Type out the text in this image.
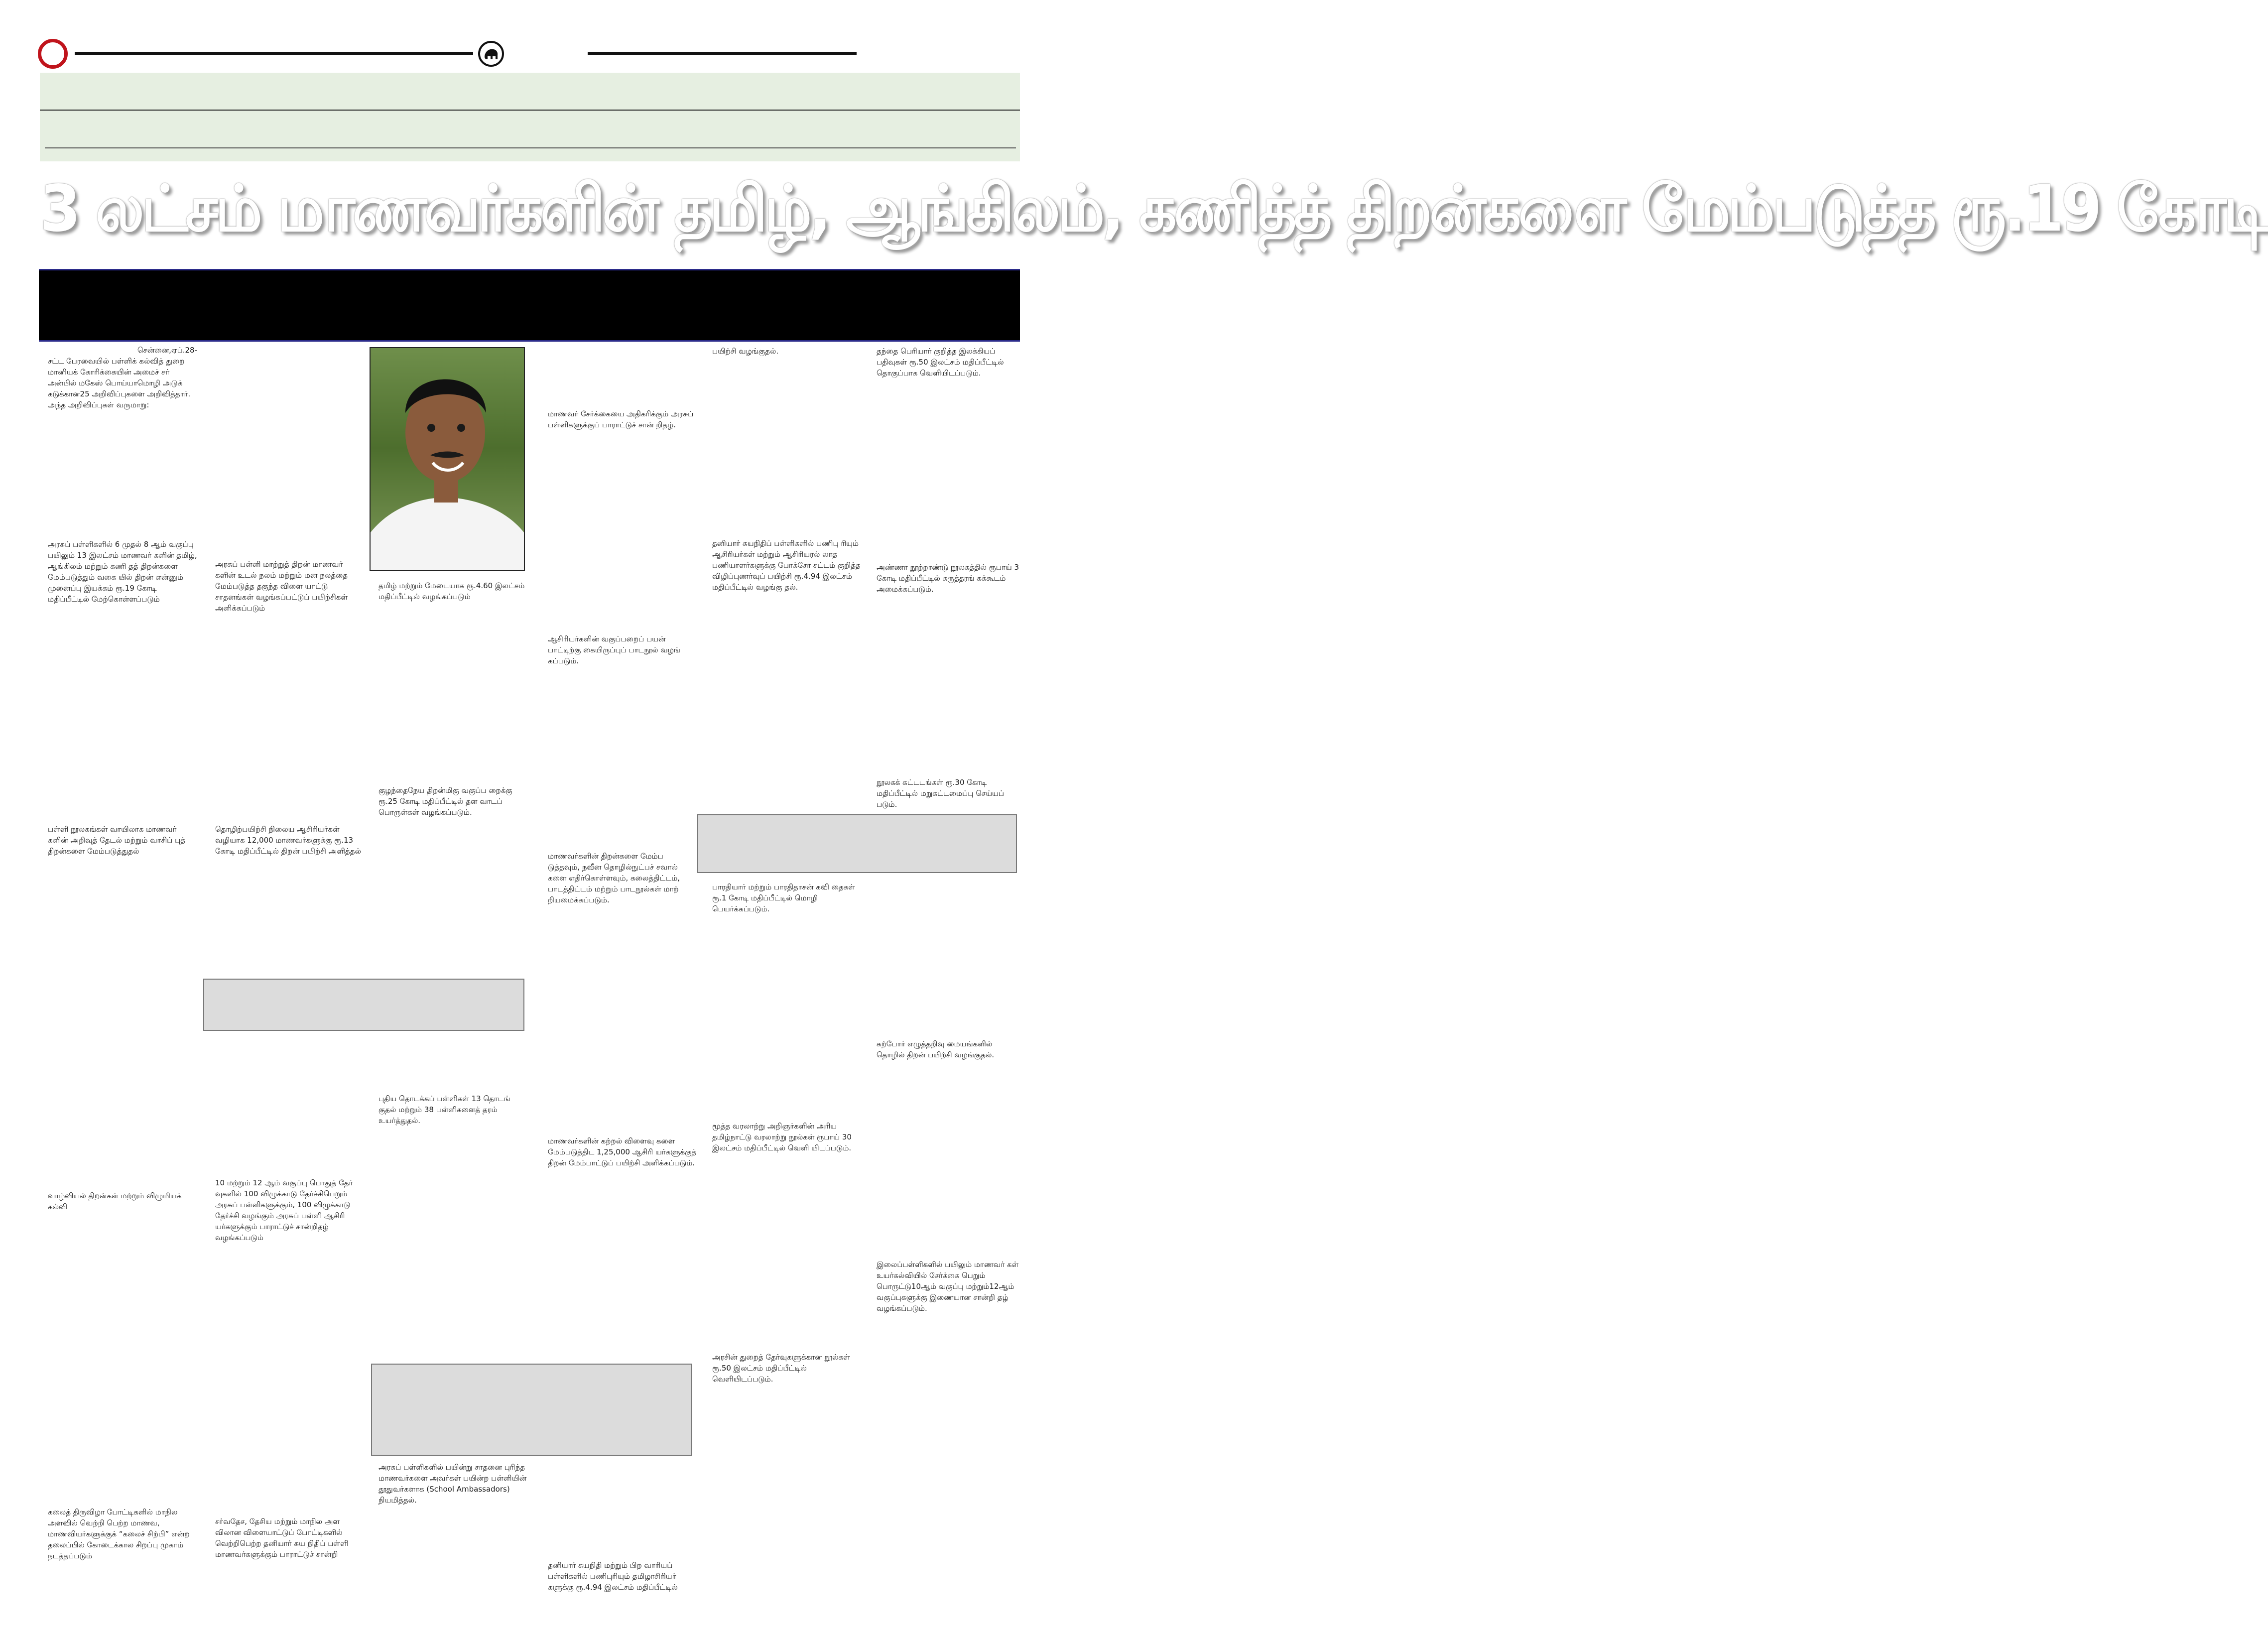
3 லட்சம் மாணவர்களின் தமிழ், ஆங்கிலம், கணித்த் திறன்களை மேம்படுத்த ரூ.19 கோடி
சென்னை,ஏப்.28-
சட்ட பேரவையில் பள்ளிக் கல்வித் துறை மானியக் கோரிக்கையின் அமைச் சர் அன்பில் மகேஸ் பொய்யாமொழி அடுக் கடுக்கான25 அறிவிப்புகளை அறிவித்தார். அந்த அறிவிப்புகள் வருமாறு:
அரசுப் பள்ளிகளில் 6 முதல் 8 ஆம் வகுப்பு பயிலும் 13 இலட்சம் மாணவர் களின் தமிழ், ஆங்கிலம் மற்றும் கணி தத் திறன்களை மேம்படுத்தும் வகை யில் திறன் என்னும் முனைப்பு இயக்கம் ரூ.19 கோடி மதிப்பீட்டில் மேற்கொள்ளப்படும்
பள்ளி நூலகங்கள் வாயிலாக மாணவர் களின் அறிவுத் தேடல் மற்றும் வாசிப் புத் திறன்களை மேம்படுத்துதல்
வாழ்வியல் திறன்கள் மற்றும் விழுமியக் கல்வி
கலைத் திருவிழா போட்டிகளில் மாநில அளவில் வெற்றி பெற்ற மாணவ, மாணவியர்களுக்குக் “கலைச் சிற்பி” என்ற தலைப்பில் கோடைக்கால சிறப்பு முகாம் நடத்தப்படும்
அரசுப் பள்ளி மாற்றுத் திறன் மாணவர் களின் உடல் நலம் மற்றும் மன நலத்தை மேம்படுத்த தகுந்த விளை யாட்டு சாதனங்கள் வழங்கப்பட்டுப் பயிற்சிகள் அளிக்கப்படும்
தொழிற்பயிற்சி நிலைய ஆசிரியர்கள் வழியாக 12,000 மாணவர்களுக்கு ரூ.13 கோடி மதிப்பீட்டில் திறன் பயிற்சி அளித்தல்
10 மற்றும் 12 ஆம் வகுப்பு பொதுத் தேர் வுகளில் 100 விழுக்காடு தேர்ச்சிபெறும் அரசுப் பள்ளிகளுக்கும், 100 விழுக்காடு தேர்ச்சி வழங்கும் அரசுப் பள்ளி ஆசிரி யர்களுக்கும் பாராட்டுச் சான்றிதழ் வழங்கப்படும்
சர்வதேச, தேசிய மற்றும் மாநில அள விலான விளையாட்டுப் போட்டிகளில் வெற்றிபெற்ற தனியார் சுய நிதிப் பள்ளி மாணவர்களுக்கும் பாராட்டுச் சான்றி
தமிழ் மற்றும் மேடையாக ரூ.4.60 இலட்சம் மதிப்பீட்டில் வழங்கப்படும்
குழந்தைநேய திறன்மிகு வகுப்ப றைக்கு ரூ.25 கோடி மதிப்பீட்டில் தள வாடப் பொருள்கள் வழங்கப்படும்.
புதிய தொடக்கப் பள்ளிகள் 13 தொடங் குதல் மற்றும் 38 பள்ளிகளைத் தரம் உயர்த்துதல்.
அரசுப் பள்ளிகளில் பயின்று சாதனை புரிந்த மாணவர்களை அவர்கள் பயின்ற பள்ளியின் தூதுவர்களாக (School Ambassadors) நியமித்தல்.
மாணவர் சேர்க்கையை அதிகரிக்கும் அரசுப் பள்ளிகளுக்குப் பாராட்டுச் சான் றிதழ்.
ஆசிரியர்களின் வகுப்பறைப் பயன் பாட்டிற்கு கையிருப்புப் பாடநூல் வழங் கப்படும்.
மாணவர்களின் திறன்களை மேம்ப டுத்தவும், நவீன தொழில்நுட்பச் சவால் களை எதிர்கொள்ளவும், கலைத்திட்டம், பாடத்திட்டம் மற்றும் பாடநூல்கள் மாற் றியமைக்கப்படும்.
மாணவர்களின் கற்றல் விளைவு களை மேம்படுத்திட 1,25,000 ஆசிரி யர்களுக்குத் திறன் மேம்பாட்டுப் பயிற்சி அளிக்கப்படும்.
தனியார் சுயநிதி மற்றும் பிற வாரியப் பள்ளிகளில் பணிபுரியும் தமிழாசிரியர் களுக்கு ரூ.4.94 இலட்சம் மதிப்பீட்டில்
பயிற்சி வழங்குதல்.
தனியார் சுயநிதிப் பள்ளிகளில் பணிபு ரியும் ஆசிரியர்கள் மற்றும் ஆசிரியரல் லாத பணியாளர்களுக்கு போக்சோ சட்டம் குறித்த விழிப்புணர்வுப் பயிற்சி ரூ.4.94 இலட்சம் மதிப்பீட்டில் வழங்கு தல்.
பாரதியார் மற்றும் பாரதிதாசன் கவி தைகள் ரூ.1 கோடி மதிப்பீட்டில் மொழி பெயர்க்கப்படும்.
மூத்த வரலாற்று அறிஞர்களின் அரிய தமிழ்நாட்டு வரலாற்று நூல்கள் ரூபாய் 30 இலட்சம் மதிப்பீட்டில் வெளி யிடப்படும்.
அரசின் துறைத் தேர்வுகளுக்கான நூல்கள் ரூ.50 இலட்சம் மதிப்பீட்டில் வெளியிடப்படும்.
தந்தை பெரியார் குறித்த இலக்கியப் பதிவுகள் ரூ.50 இலட்சம் மதிப்பீட்டில் தொகுப்பாக வெளியிடப்படும்.
அண்ணா நூற்றாண்டு நூலகத்தில் ரூபாய் 3 கோடி மதிப்பீட்டில் கருத்தரங் கக்கூடம் அமைக்கப்படும்.
நூலகக் கட்டடங்கள் ரூ.30 கோடி மதிப்பீட்டில் மறுகட்டமைப்பு செய்யப் படும்.
கற்போர் எழுத்தறிவு மையங்களில் தொழில் திறன் பயிற்சி வழங்குதல்.
இலைப்பள்ளிகளில் பயிலும் மாணவர் கள் உயர்கல்வியில் சேர்க்கை பெறும் பொருட்டு10ஆம் வகுப்பு மற்றும்12ஆம் வகுப்புகளுக்கு இணையான சான்றி தழ் வழங்கப்படும்.
